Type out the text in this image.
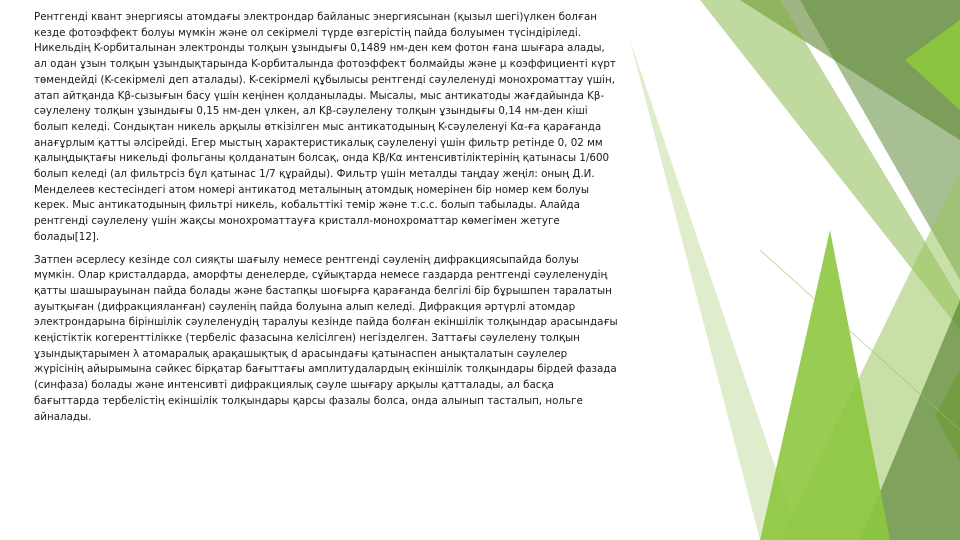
Рентгенді квант энергиясы атомдағы электрондар байланыс энергиясынан (қызыл шегі)үлкен болған кезде фотоэффект болуы мүмкін және ол секірмелі түрде өзгерістің пайда болуымен түсіндіріледі. Никельдің K-орбиталынан электронды толқын ұзындығы 0,1489 нм-ден кем фотон ғана шығара алады, ал одан ұзын толқын ұзындықтарында K-орбиталында фотоэффект болмайды және μ коэффициенті күрт төмендейді (K-секірмелі деп аталады). K-секірмелі құбылысы рентгенді сәулеленуді монохроматтау үшін, атап айтқанда Kβ-сызығын басу үшін кеңінен қолданылады. Мысалы, мыс антикатоды жағдайында Kβ-сәулелену толқын ұзындығы 0,15 нм-ден үлкен, ал Kβ-сәулелену толқын ұзындығы 0,14 нм-ден кіші болып келеді. Сондықтан никель арқылы өткізілген мыс антикатодының K-сәулеленуі Kα-ға қарағанда анағұрлым қатты әлсірейді. Егер мыстың характеристикалық сәулеленуі үшін фильтр ретінде 0, 02 мм қалыңдықтағы никельді фольганы қолданатын болсақ, онда Kβ/Kα интенсивтіліктерінің қатынасы 1/600 болып келеді (ал фильтрсіз бұл қатынас 1/7 құрайды). Фильтр үшін металды таңдау жеңіл: оның Д.И. Менделеев кестесіндегі атом номері антикатод металының атомдық номерінен бір номер кем болуы керек. Мыс антикатодының фильтрі никель, кобальттікі темір және т.с.с. болып табылады. Алайда рентгенді сәулелену үшін жақсы монохроматтауға кристалл-монохроматтар көмегімен жетуге болады[12].

Затпен әсерлесу кезінде сол сияқты шағылу немесе рентгенді сәуленің дифракциясыпайда болуы мүмкін. Олар кристалдарда, аморфты денелерде, сұйықтарда немесе газдарда рентгенді сәулеленудің қатты шашырауынан пайда болады және бастапқы шоғырға қарағанда белгілі бір бұрышпен таралатын ауытқыған (дифракцияланған) сәуленің пайда болуына алып келеді. Дифракция әртүрлі атомдар электрондарына біріншілік сәулеленудің таралуы кезінде пайда болған екіншілік толқындар арасындағы кеңістіктік когеренттілікке (тербеліс фазасына келісілген) негізделген. Заттағы сәулелену толқын ұзындықтарымен λ атомаралық арақашықтық d арасындағы қатынаспен анықталатын сәулелер жүрісінің айырымына сәйкес бірқатар бағыттағы амплитудалардың екіншілік толқындары бірдей фазада (синфаза) болады және интенсивті дифракциялық сәуле шығару арқылы қатталады, ал басқа бағыттарда тербелістің екіншілік толқындары қарсы фазалы болса, онда алынып тасталып, нольге айналады.
